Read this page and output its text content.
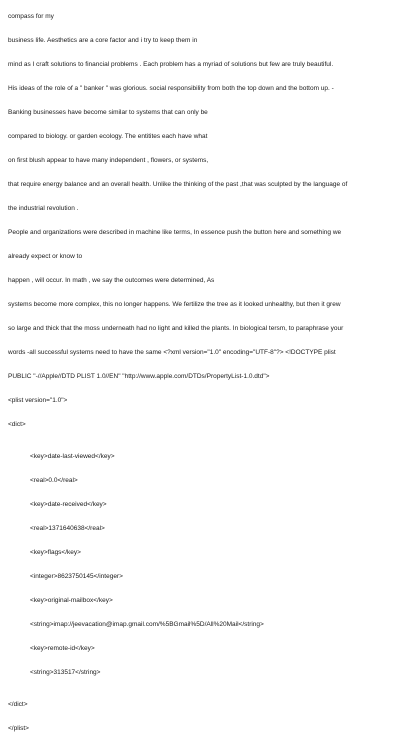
compass for my

business life. Aesthetics are a core factor and i try to keep them in

mind as I craft solutions to financial problems . Each problem has a myriad of solutions but few are truly beautiful.

His ideas of the role of a " banker " was glorious. social responsibility from both the top down and the bottom up. -

Banking businesses have become similar to systems that can only be

compared to biology. or garden ecology. The entitites each have what

on first blush appear to have many independent , flowers, or systems,

that require energy balance and an overall health. Unlike the thinking of the past ,that was sculpted by the language of

the industrial revolution .

People and organizations were described in machine like terms, In essence push the button here and something we

already expect or know to

happen , will occur. In math , we say the outcomes were determined, As

systems become more complex, this no longer happens. We fertilize the tree as it looked unhealthy, but then it grew

so large and thick that the moss underneath had no light and killed the plants. In biological tersm, to paraphrase your

words -all successful systems need to have the same <?xml version="1.0" encoding="UTF-8"?> <!DOCTYPE plist

PUBLIC "-//Apple//DTD PLIST 1.0//EN" "http://www.apple.com/DTDs/PropertyList-1.0.dtd">

<plist version="1.0">

<dict>

<key>date-last-viewed</key>

<real>0.0</real>

<key>date-received</key>

<real>1371640638</real>

<key>flags</key>

<integer>8623750145</integer>

<key>original-mailbox</key>

<string>imap://jeevacation@imap.gmail.com/%5BGmail%5D/All%20Mail</string>

<key>remote-id</key>

<string>313517</string>

</dict>

</plist>
